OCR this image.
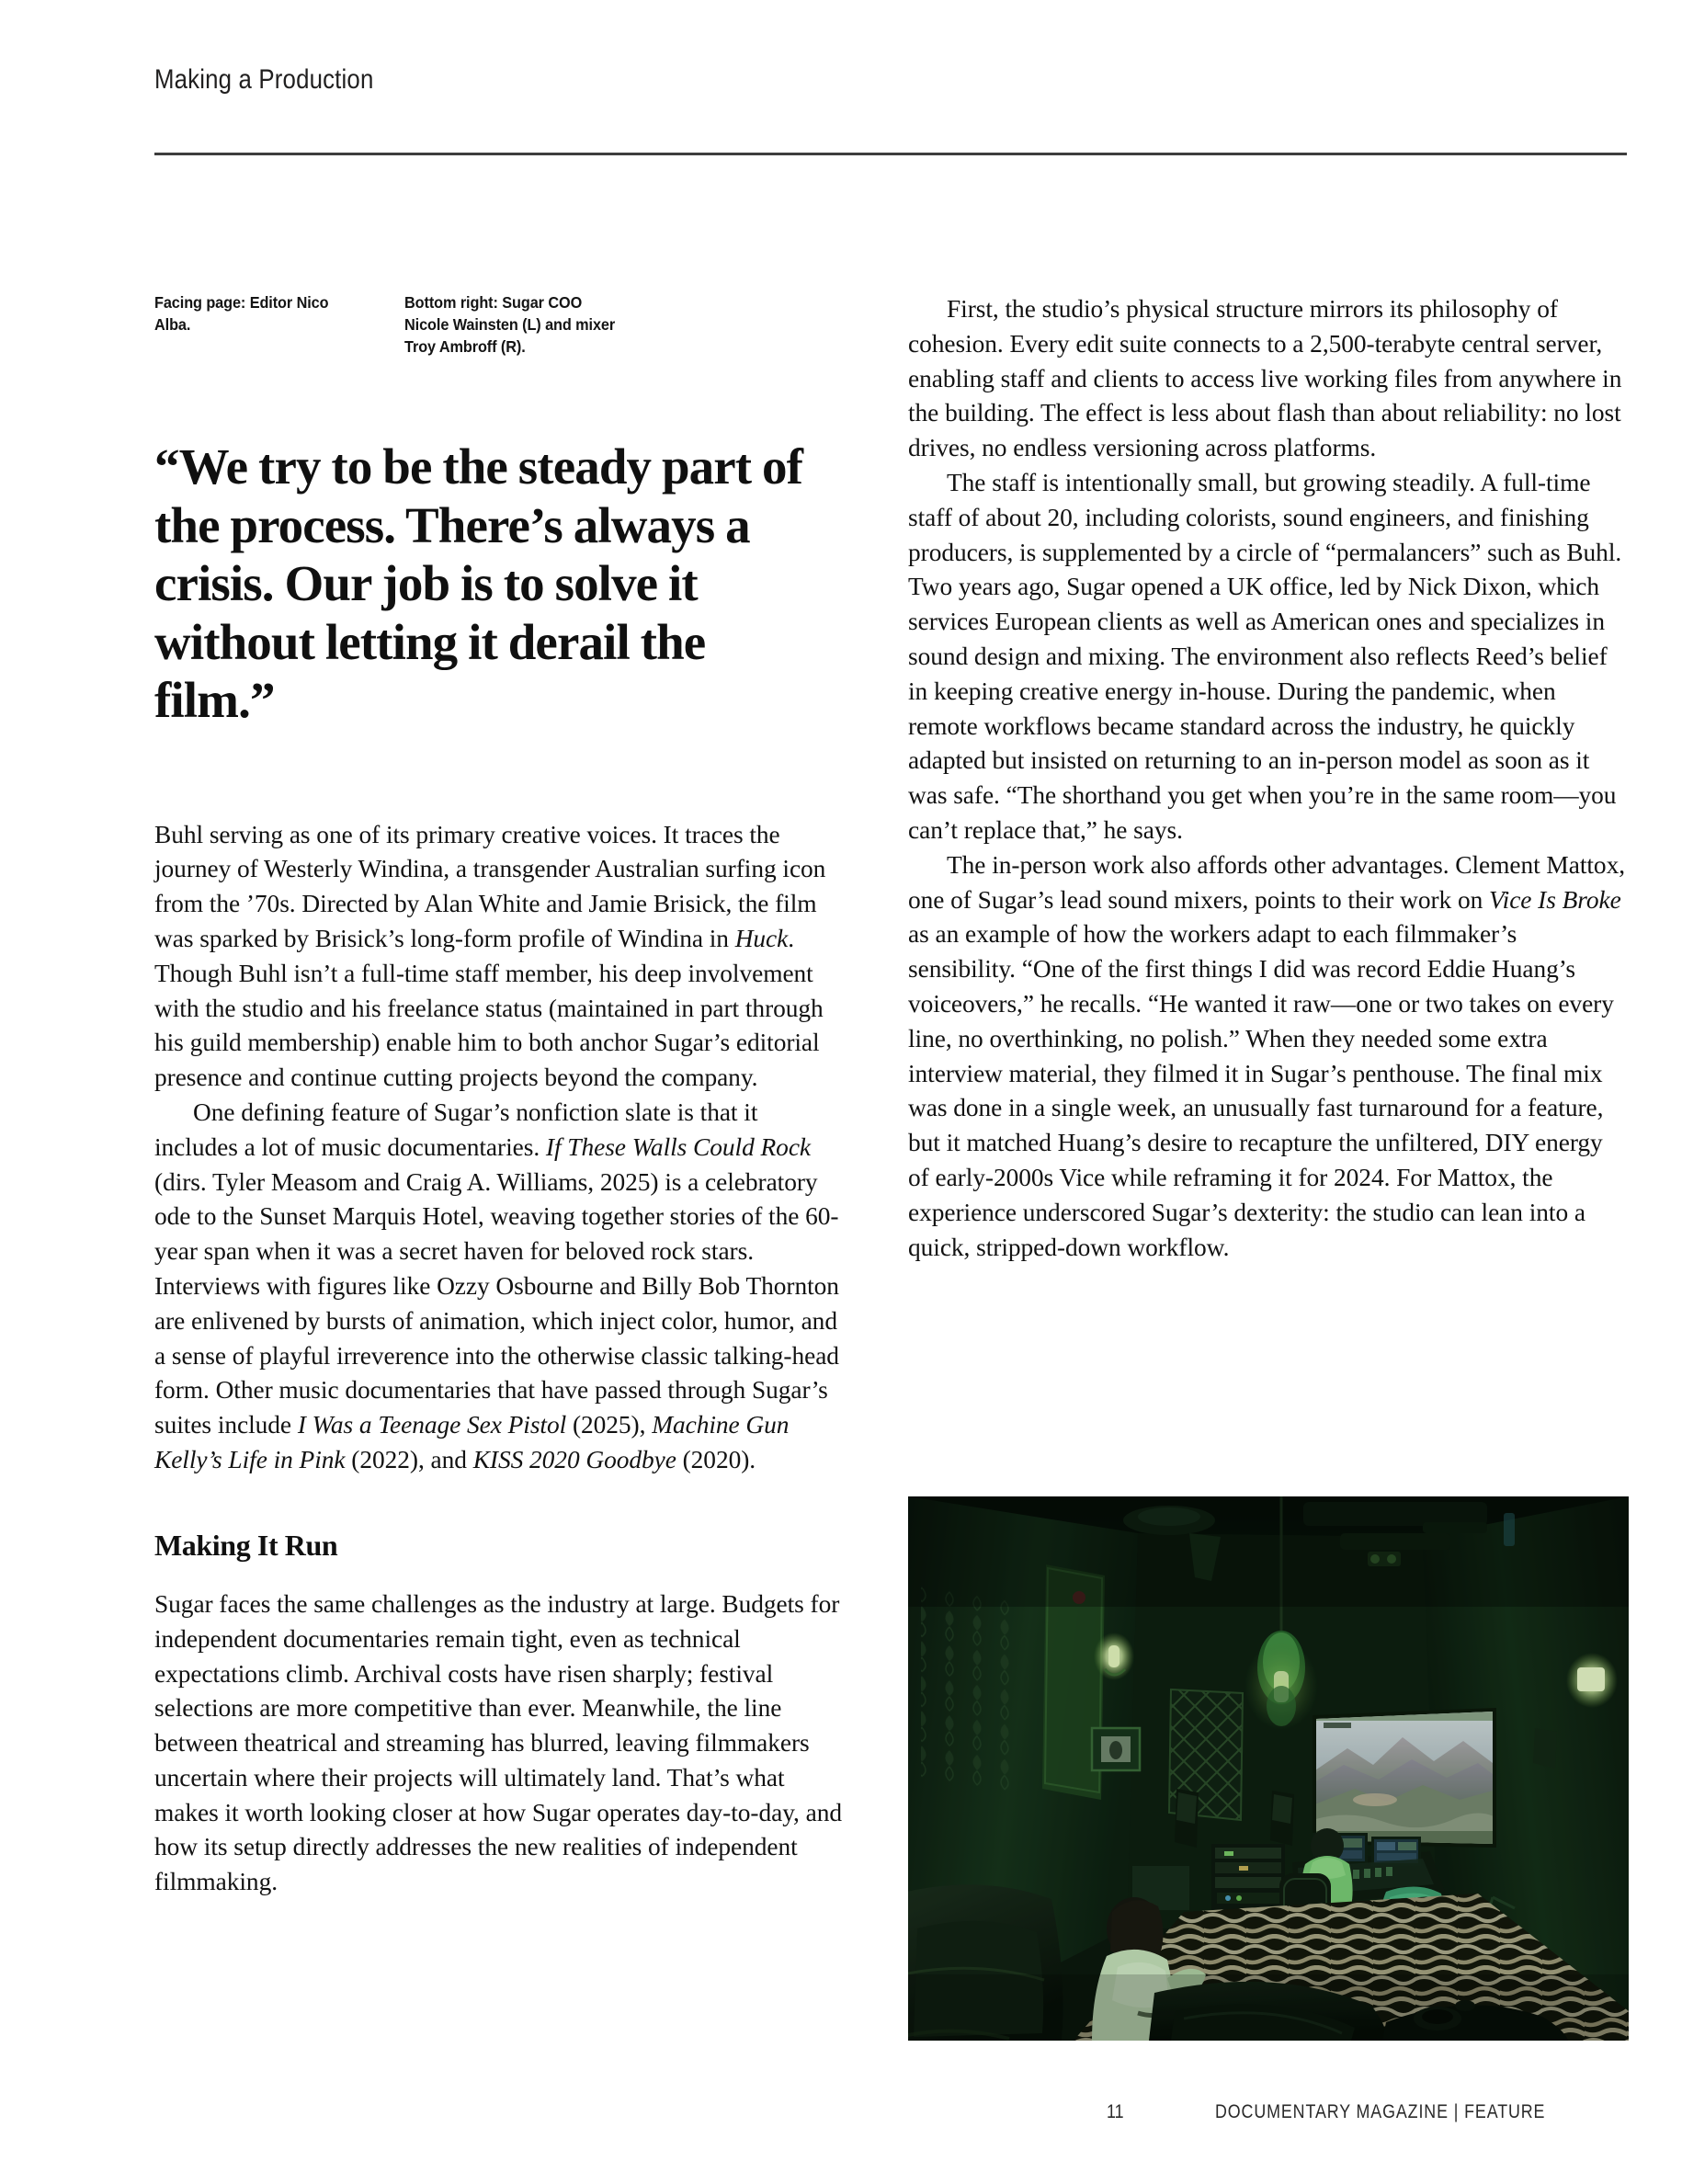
Making a Production
Facing page: Editor Nico Alba.
Bottom right: Sugar COO Nicole Wainsten (L) and mixer Troy Ambroff (R).
“We try to be the steady part of the process. There’s always a crisis. Our job is to solve it without letting it derail the film.”

Buhl serving as one of its primary creative voices. It traces the journey of Westerly Windina, a transgender Australian surfing icon from the ’70s. Directed by Alan White and Jamie Brisick, the film was sparked by Brisick’s long-form profile of Windina in Huck. Though Buhl isn’t a full-time staff member, his deep involvement with the studio and his freelance status (maintained in part through his guild membership) enable him to both anchor Sugar’s editorial presence and continue cutting projects beyond the company.

One defining feature of Sugar’s nonfiction slate is that it includes a lot of music documentaries. If These Walls Could Rock (dirs. Tyler Measom and Craig A. Williams, 2025) is a celebratory ode to the Sunset Marquis Hotel, weaving together stories of the 60-year span when it was a secret haven for beloved rock stars. Interviews with figures like Ozzy Osbourne and Billy Bob Thornton are enlivened by bursts of animation, which inject color, humor, and a sense of playful irreverence into the otherwise classic talking-head form. Other music documentaries that have passed through Sugar’s suites include I Was a Teenage Sex Pistol (2025), Machine Gun Kelly’s Life in Pink (2022), and KISS 2020 Goodbye (2020).

Making It Run

Sugar faces the same challenges as the industry at large. Budgets for independent documentaries remain tight, even as technical expectations climb. Archival costs have risen sharply; festival selections are more competitive than ever. Meanwhile, the line between theatrical and streaming has blurred, leaving filmmakers uncertain where their projects will ultimately land. That’s what makes it worth looking closer at how Sugar operates day-to-day, and how its setup directly addresses the new realities of independent filmmaking.

First, the studio’s physical structure mirrors its philosophy of cohesion. Every edit suite connects to a 2,500-terabyte central server, enabling staff and clients to access live working files from anywhere in the building. The effect is less about flash than about reliability: no lost drives, no endless versioning across platforms.

The staff is intentionally small, but growing steadily. A full-time staff of about 20, including colorists, sound engineers, and finishing producers, is supplemented by a circle of “permalancers” such as Buhl. Two years ago, Sugar opened a UK office, led by Nick Dixon, which services European clients as well as American ones and specializes in sound design and mixing. The environment also reflects Reed’s belief in keeping creative energy in-house. During the pandemic, when remote workflows became standard across the industry, he quickly adapted but insisted on returning to an in-person model as soon as it was safe. “The shorthand you get when you’re in the same room—you can’t replace that,” he says.

The in-person work also affords other advantages. Clement Mattox, one of Sugar’s lead sound mixers, points to their work on Vice Is Broke as an example of how the workers adapt to each filmmaker’s sensibility. “One of the first things I did was record Eddie Huang’s voiceovers,” he recalls. “He wanted it raw—one or two takes on every line, no overthinking, no polish.” When they needed some extra interview material, they filmed it in Sugar’s penthouse. The final mix was done in a single week, an unusually fast turnaround for a feature, but it matched Huang’s desire to recapture the unfiltered, DIY energy of early-2000s Vice while reframing it for 2024. For Mattox, the experience underscored Sugar’s dexterity: the studio can lean into a quick, stripped-down workflow.

11	DOCUMENTARY MAGAZINE | FEATURE
